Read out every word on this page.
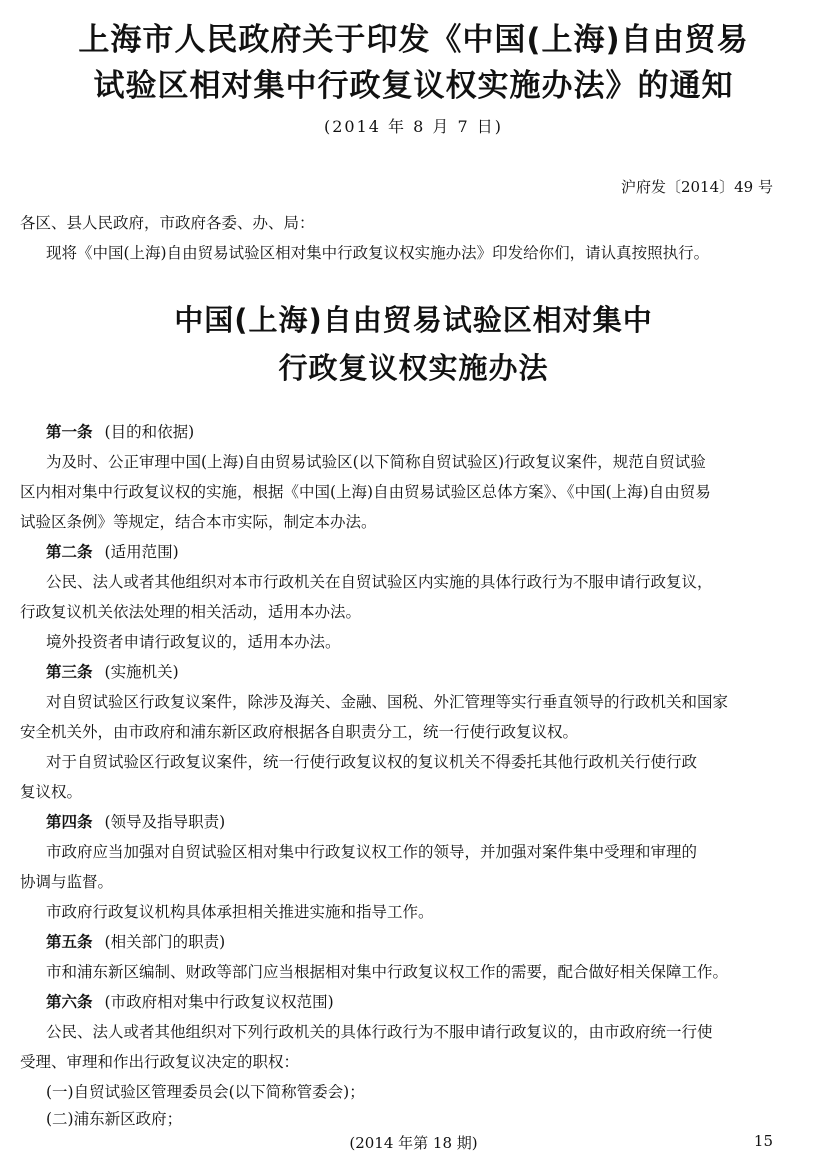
上海市人民政府关于印发《中国(上海)自由贸易
试验区相对集中行政复议权实施办法》的通知
(2014 年 8 月 7 日)
沪府发〔2014〕49 号
各区、县人民政府，市政府各委、办、局：
现将《中国(上海)自由贸易试验区相对集中行政复议权实施办法》印发给你们，请认真按照执行。
中国(上海)自由贸易试验区相对集中
行政复议权实施办法
第一条 (目的和依据)
为及时、公正审理中国(上海)自由贸易试验区(以下简称自贸试验区)行政复议案件，规范自贸试验
区内相对集中行政复议权的实施，根据《中国(上海)自由贸易试验区总体方案》、《中国(上海)自由贸易
试验区条例》等规定，结合本市实际，制定本办法。
第二条 (适用范围)
公民、法人或者其他组织对本市行政机关在自贸试验区内实施的具体行政行为不服申请行政复议，
行政复议机关依法处理的相关活动，适用本办法。
境外投资者申请行政复议的，适用本办法。
第三条 (实施机关)
对自贸试验区行政复议案件，除涉及海关、金融、国税、外汇管理等实行垂直领导的行政机关和国家
安全机关外，由市政府和浦东新区政府根据各自职责分工，统一行使行政复议权。
对于自贸试验区行政复议案件，统一行使行政复议权的复议机关不得委托其他行政机关行使行政
复议权。
第四条 (领导及指导职责)
市政府应当加强对自贸试验区相对集中行政复议权工作的领导，并加强对案件集中受理和审理的
协调与监督。
市政府行政复议机构具体承担相关推进实施和指导工作。
第五条 (相关部门的职责)
市和浦东新区编制、财政等部门应当根据相对集中行政复议权工作的需要，配合做好相关保障工作。
第六条 (市政府相对集中行政复议权范围)
公民、法人或者其他组织对下列行政机关的具体行政行为不服申请行政复议的，由市政府统一行使
受理、审理和作出行政复议决定的职权：
(一)自贸试验区管理委员会(以下简称管委会)；
(二)浦东新区政府；
(2014 年第 18 期)	15
